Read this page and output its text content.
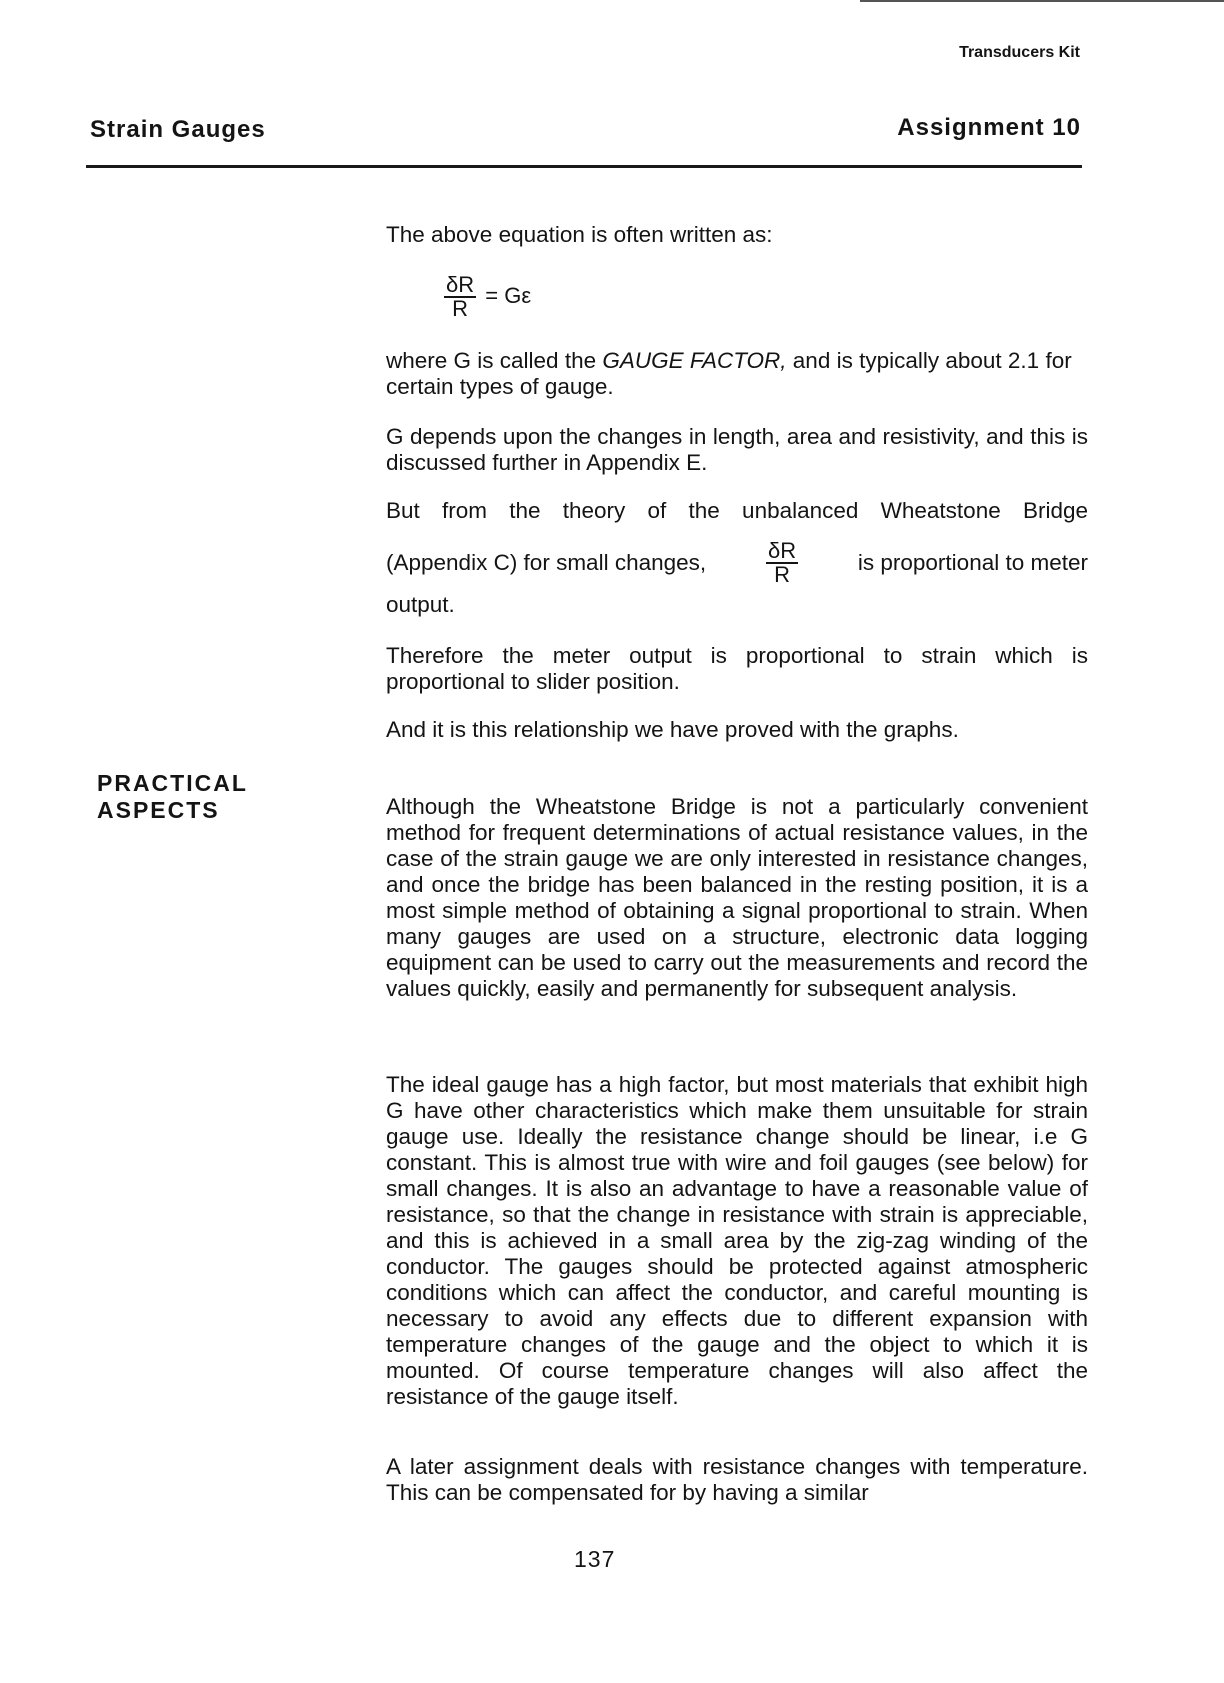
Transducers Kit
Strain Gauges	Assignment 10
The above equation is often written as:
$\frac{\delta R}{R} = G\varepsilon$

where G is called the GAUGE FACTOR, and is typically about 2.1 for certain types of gauge.

G depends upon the changes in length, area and resistivity, and this is discussed further in Appendix E.

But from the theory of the unbalanced Wheatstone Bridge

(Appendix C) for small changes,	$\frac{\delta R}{R}$	is proportional to meter
output.

Therefore the meter output is proportional to strain which is proportional to slider position.

And it is this relationship we have proved with the graphs.

PRACTICAL
ASPECTS	Although the Wheatstone Bridge is not a particularly convenient method for frequent determinations of actual resistance values, in the case of the strain gauge we are only interested in resistance changes, and once the bridge has been balanced in the resting position, it is a most simple method of obtaining a signal proportional to strain. When many gauges are used on a structure, electronic data logging equipment can be used to carry out the measurements and record the values quickly, easily and permanently for subsequent analysis.

The ideal gauge has a high factor, but most materials that exhibit high G have other characteristics which make them unsuitable for strain gauge use. Ideally the resistance change should be linear, i.e G constant. This is almost true with wire and foil gauges (see below) for small changes. It is also an advantage to have a reasonable value of resistance, so that the change in resistance with strain is appreciable, and this is achieved in a small area by the zig-zag winding of the conductor. The gauges should be protected against atmospheric conditions which can affect the conductor, and careful mounting is necessary to avoid any effects due to different expansion with temperature changes of the gauge and the object to which it is mounted. Of course temperature changes will also affect the resistance of the gauge itself.

A later assignment deals with resistance changes with temperature. This can be compensated for by having a similar

137
